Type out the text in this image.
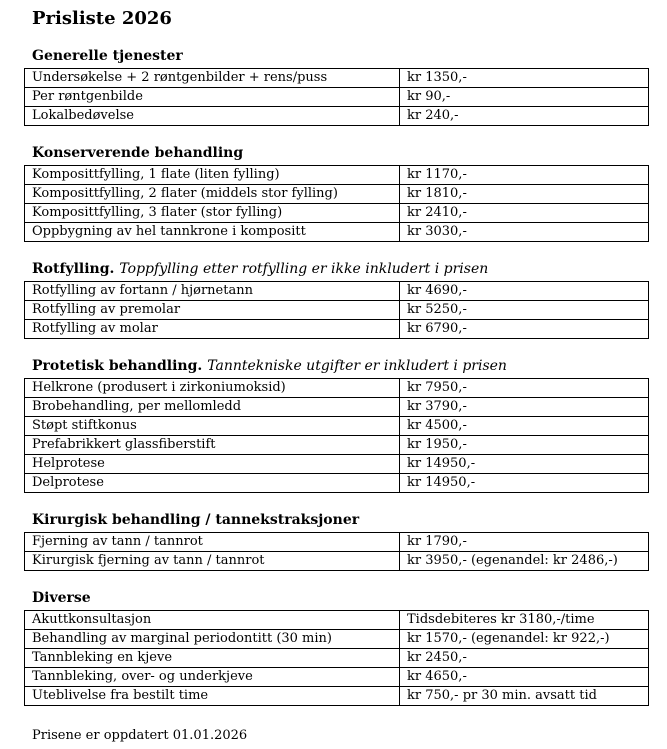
Prisliste 2026
Generelle tjenester
Undersøkelse + 2 røntgenbilder + rens/puss	kr 1350,-
Per røntgenbilde	kr 90,-
Lokalbedøvelse	kr 240,-
Konserverende behandling
Komposittfylling, 1 flate (liten fylling)	kr 1170,-
Komposittfylling, 2 flater (middels stor fylling)	kr 1810,-
Komposittfylling, 3 flater (stor fylling)	kr 2410,-
Oppbygning av hel tannkrone i kompositt	kr 3030,-
Rotfylling. Toppfylling etter rotfylling er ikke inkludert i prisen
Rotfylling av fortann / hjørnetann	kr 4690,-
Rotfylling av premolar	kr 5250,-
Rotfylling av molar	kr 6790,-
Protetisk behandling. Tanntekniske utgifter er inkludert i prisen
Helkrone (produsert i zirkoniumoksid)	kr 7950,-
Brobehandling, per mellomledd	kr 3790,-
Støpt stiftkonus	kr 4500,-
Prefabrikkert glassfiberstift	kr 1950,-
Helprotese	kr 14950,-
Delprotese	kr 14950,-
Kirurgisk behandling / tannekstraksjoner
Fjerning av tann / tannrot	kr 1790,-
Kirurgisk fjerning av tann / tannrot	kr 3950,- (egenandel: kr 2486,-)
Diverse
Akuttkonsultasjon	Tidsdebiteres kr 3180,-/time
Behandling av marginal periodontitt (30 min)	kr 1570,- (egenandel: kr 922,-)
Tannbleking en kjeve	kr 2450,-
Tannbleking, over- og underkjeve	kr 4650,-
Uteblivelse fra bestilt time	kr 750,- pr 30 min. avsatt tid

Prisene er oppdatert 01.01.2026
